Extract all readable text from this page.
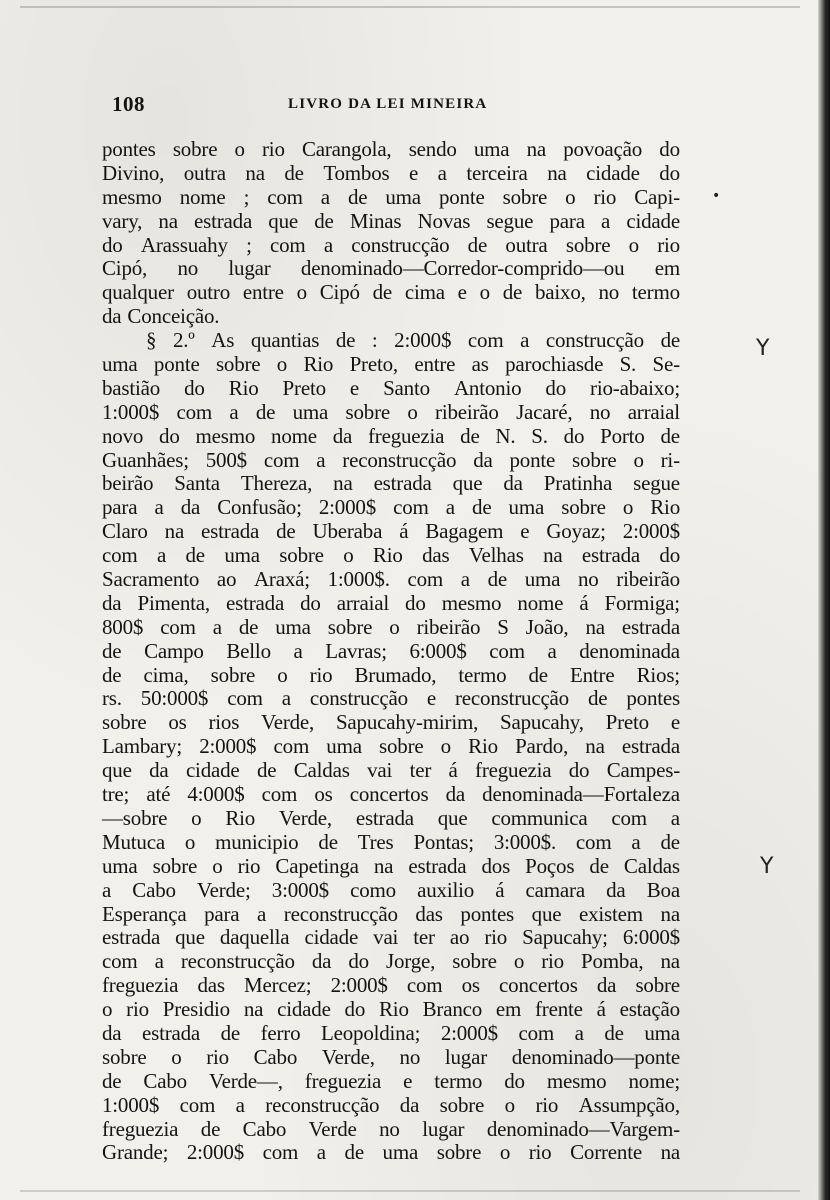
•
Y
Y
108	LIVRO DA LEI MINEIRA
pontes sobre o rio Carangola, sendo uma na povoação do
Divino, outra na de Tombos e a terceira na cidade do
mesmo nome ; com a de uma ponte sobre o rio Capi-
vary, na estrada que de Minas Novas segue para a cidade
do Arassuahy ; com a construcção de outra sobre o rio
Cipó, no lugar denominado—Corredor-comprido—ou em
qualquer outro entre o Cipó de cima e o de baixo, no termo
da Conceição.
§ 2.º As quantias de : 2:000$ com a construcção de
uma ponte sobre o Rio Preto, entre as parochiasde S. Se-
bastião do Rio Preto e Santo Antonio do rio-abaixo;
1:000$ com a de uma sobre o ribeirão Jacaré, no arraial
novo do mesmo nome da freguezia de N. S. do Porto de
Guanhães; 500$ com a reconstrucção da ponte sobre o ri-
beirão Santa Thereza, na estrada que da Pratinha segue
para a da Confusão; 2:000$ com a de uma sobre o Rio
Claro na estrada de Uberaba á Bagagem e Goyaz; 2:000$
com a de uma sobre o Rio das Velhas na estrada do
Sacramento ao Araxá; 1:000$. com a de uma no ribeirão
da Pimenta, estrada do arraial do mesmo nome á Formiga;
800$ com a de uma sobre o ribeirão S João, na estrada
de Campo Bello a Lavras; 6:000$ com a denominada
de cima, sobre o rio Brumado, termo de Entre Rios;
rs. 50:000$ com a construcção e reconstrucção de pontes
sobre os rios Verde, Sapucahy-mirim, Sapucahy, Preto e
Lambary; 2:000$ com uma sobre o Rio Pardo, na estrada
que da cidade de Caldas vai ter á freguezia do Campes-
tre; até 4:000$ com os concertos da denominada—Fortaleza
—sobre o Rio Verde, estrada que communica com a
Mutuca o municipio de Tres Pontas; 3:000$. com a de
uma sobre o rio Capetinga na estrada dos Poços de Caldas
a Cabo Verde; 3:000$ como auxilio á camara da Boa
Esperança para a reconstrucção das pontes que existem na
estrada que daquella cidade vai ter ao rio Sapucahy; 6:000$
com a reconstrucção da do Jorge, sobre o rio Pomba, na
freguezia das Mercez; 2:000$ com os concertos da sobre
o rio Presidio na cidade do Rio Branco em frente á estação
da estrada de ferro Leopoldina; 2:000$ com a de uma
sobre o rio Cabo Verde, no lugar denominado—ponte
de Cabo Verde—, freguezia e termo do mesmo nome;
1:000$ com a reconstrucção da sobre o rio Assumpção,
freguezia de Cabo Verde no lugar denominado—Vargem-
Grande; 2:000$ com a de uma sobre o rio Corrente na
